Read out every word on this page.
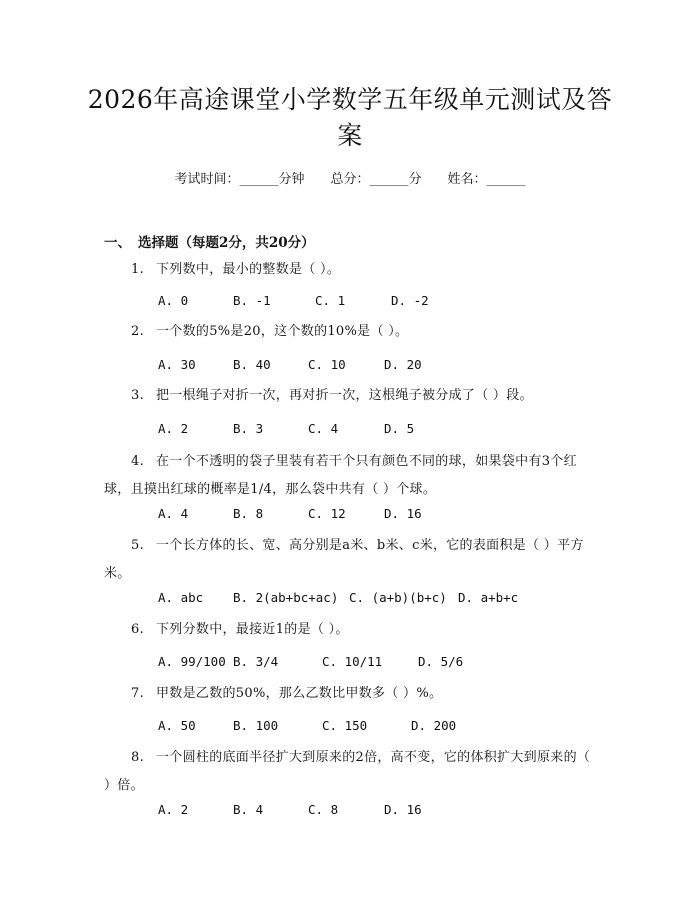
2026年高途课堂小学数学五年级单元测试及答案
考试时间：______分钟 总分：______分 姓名：______
一、 选择题（每题2分，共20分）
1. 下列数中，最小的整数是（ ）。
A. 0	B. -1	C. 1	D. -2
2. 一个数的5%是20，这个数的10%是（ ）。
A. 30	B. 40	C. 10	D. 20
3. 把一根绳子对折一次，再对折一次，这根绳子被分成了（ ）段。
A. 2	B. 3	C. 4	D. 5
4. 在一个不透明的袋子里装有若干个只有颜色不同的球，如果袋中有3个红球，且摸出红球的概率是1/4，那么袋中共有（ ）个球。
A. 4	B. 8	C. 12	D. 16
5. 一个长方体的长、宽、高分别是a米、b米、c米，它的表面积是（ ）平方米。
A. abc B. 2(ab+bc+ac) C. (a+b)(b+c) D. a+b+c
6. 下列分数中，最接近1的是（ ）。
A. 99/100 B. 3/4	C. 10/11	D. 5/6
7. 甲数是乙数的50%，那么乙数比甲数多（ ）%。
A. 50	B. 100	C. 150	D. 200
8. 一个圆柱的底面半径扩大到原来的2倍，高不变，它的体积扩大到原来的（ ）倍。
A. 2	B. 4	C. 8	D. 16
